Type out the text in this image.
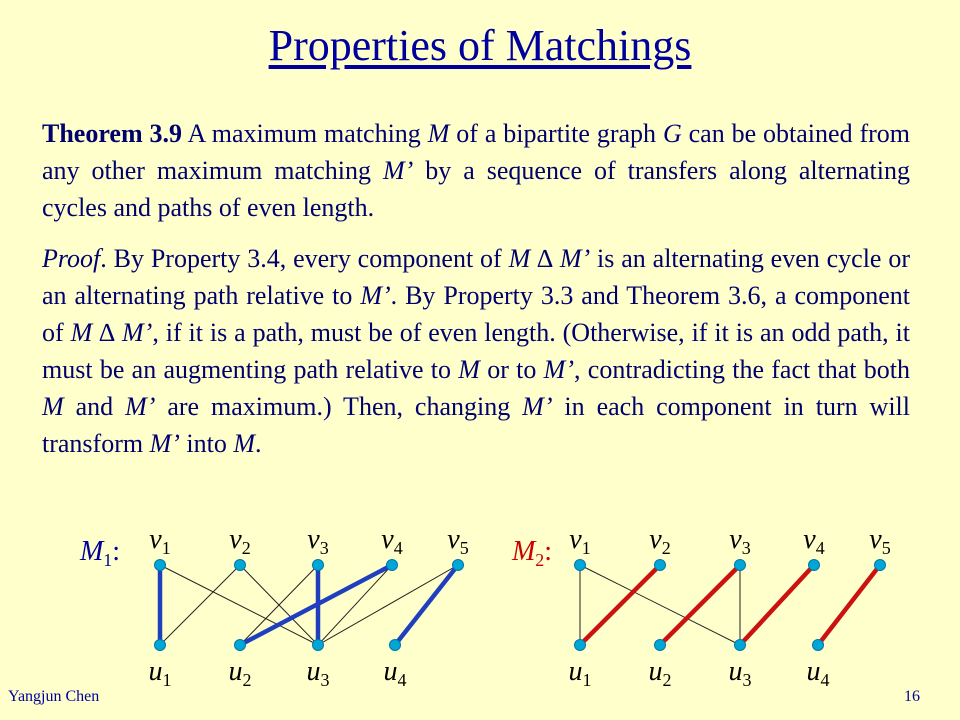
Properties of Matchings
Theorem 3.9 A maximum matching M of a bipartite graph G can be obtained from any other maximum matching M’ by a sequence of transfers along alternating cycles and paths of even length.
Proof. By Property 3.4, every component of M ∆ M’ is an alternating even cycle or an alternating path relative to M’. By Property 3.3 and Theorem 3.6, a component of M ∆ M’, if it is a path, must be of even length. (Otherwise, if it is an odd path, it must be an augmenting path relative to M or to M’, contradicting the fact that both M and M’ are maximum.) Then, changing M’ in each component in turn will transform M’ into M.
$M_1$: $v_1$ $v_2$ $v_3$ $v_4$ $v_5$
$u_1$ $u_2$ $u_3$ $u_4$
$M_2$: $v_1$ $v_2$ $v_3$ $v_4$ $v_5$
$u_1$ $u_2$ $u_3$ $u_4$
Yangjun Chen	16
